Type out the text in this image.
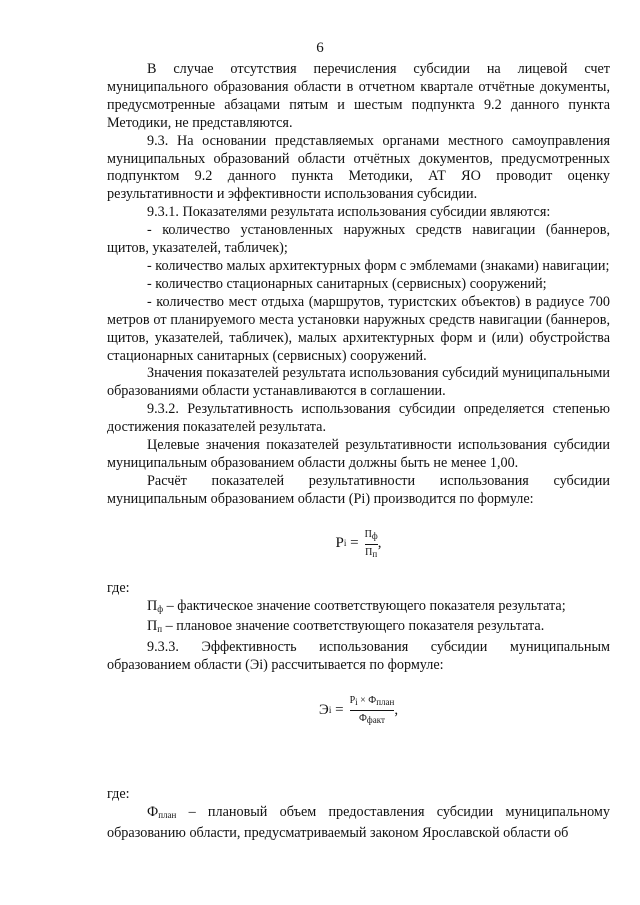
6

В случае отсутствия перечисления субсидии на лицевой счет муниципального образования области в отчетном квартале отчётные документы, предусмотренные абзацами пятым и шестым подпункта 9.2 данного пункта Методики, не представляются.

9.3. На основании представляемых органами местного самоуправления муниципальных образований области отчётных документов, предусмотренных подпунктом 9.2 данного пункта Методики, АТ ЯО проводит оценку результативности и эффективности использования субсидии.

9.3.1. Показателями результата использования субсидии являются:

- количество установленных наружных средств навигации (баннеров, щитов, указателей, табличек);

- количество малых архитектурных форм с эмблемами (знаками) навигации;

- количество стационарных санитарных (сервисных) сооружений;

- количество мест отдыха (маршрутов, туристских объектов) в радиусе 700 метров от планируемого места установки наружных средств навигации (баннеров, щитов, указателей, табличек), малых архитектурных форм и (или) обустройства стационарных санитарных (сервисных) сооружений.

Значения показателей результата использования субсидий муниципальными образованиями области устанавливаются в соглашении.

9.3.2. Результативность использования субсидии определяется степенью достижения показателей результата.

Целевые значения показателей результативности использования субсидии муниципальным образованием области должны быть не менее 1,00.

Расчёт показателей результативности использования субсидии муниципальным образованием области (Pi) производится по формуле:

P i
= $\frac{Пф}{Пп}$ ,

где:

$П_ф$ – фактическое значение соответствующего показателя результата;

$П_п$ – плановое значение соответствующего показателя результата.

9.3.3. Эффективность использования субсидии муниципальным образованием области (Эi) рассчитывается по формуле:

Э i
= $\frac{\text{Pi × Фплан}}{\text{Ффакт}}$ ,

где:

$Ф_{план}$ – плановый объем предоставления субсидии муниципальному образованию области, предусматриваемый законом Ярославской области об
